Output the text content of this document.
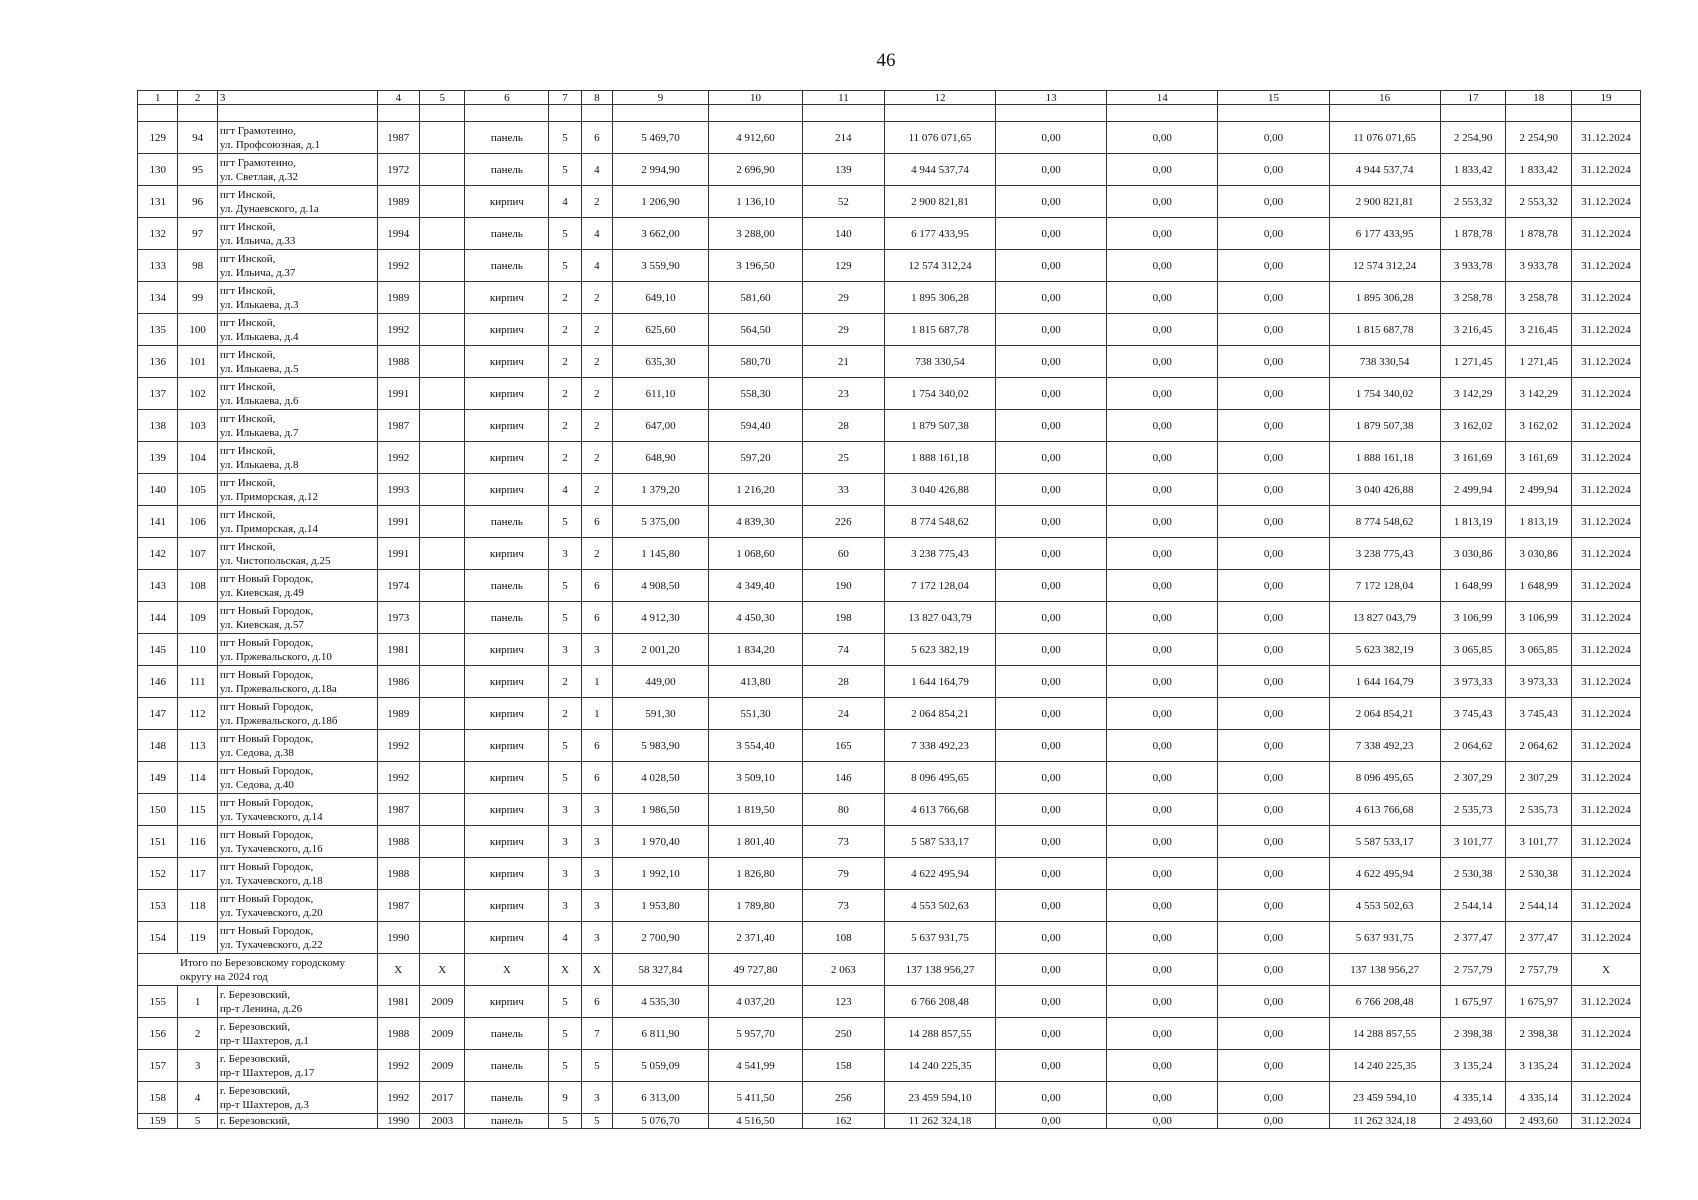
46
1	2	3	4	5	6	7	8	9	10	11	12	13	14	15	16	17	18	19

129	94	пгт Грамотеино,
ул. Профсоюзная, д.1	1987		панель	5	6	5 469,70	4 912,60	214	11 076 071,65	0,00	0,00	0,00	11 076 071,65	2 254,90	2 254,90	31.12.2024
130	95	пгт Грамотеино,
ул. Светлая, д.32	1972		панель	5	4	2 994,90	2 696,90	139	4 944 537,74	0,00	0,00	0,00	4 944 537,74	1 833,42	1 833,42	31.12.2024
131	96	пгт Инской,
ул. Дунаевского, д.1а	1989		кирпич	4	2	1 206,90	1 136,10	52	2 900 821,81	0,00	0,00	0,00	2 900 821,81	2 553,32	2 553,32	31.12.2024
132	97	пгт Инской,
ул. Ильича, д.33	1994		панель	5	4	3 662,00	3 288,00	140	6 177 433,95	0,00	0,00	0,00	6 177 433,95	1 878,78	1 878,78	31.12.2024
133	98	пгт Инской,
ул. Ильича, д.37	1992		панель	5	4	3 559,90	3 196,50	129	12 574 312,24	0,00	0,00	0,00	12 574 312,24	3 933,78	3 933,78	31.12.2024
134	99	пгт Инской,
ул. Илькаева, д.3	1989		кирпич	2	2	649,10	581,60	29	1 895 306,28	0,00	0,00	0,00	1 895 306,28	3 258,78	3 258,78	31.12.2024
135	100	пгт Инской,
ул. Илькаева, д.4	1992		кирпич	2	2	625,60	564,50	29	1 815 687,78	0,00	0,00	0,00	1 815 687,78	3 216,45	3 216,45	31.12.2024
136	101	пгт Инской,
ул. Илькаева, д.5	1988		кирпич	2	2	635,30	580,70	21	738 330,54	0,00	0,00	0,00	738 330,54	1 271,45	1 271,45	31.12.2024
137	102	пгт Инской,
ул. Илькаева, д.6	1991		кирпич	2	2	611,10	558,30	23	1 754 340,02	0,00	0,00	0,00	1 754 340,02	3 142,29	3 142,29	31.12.2024
138	103	пгт Инской,
ул. Илькаева, д.7	1987		кирпич	2	2	647,00	594,40	28	1 879 507,38	0,00	0,00	0,00	1 879 507,38	3 162,02	3 162,02	31.12.2024
139	104	пгт Инской,
ул. Илькаева, д.8	1992		кирпич	2	2	648,90	597,20	25	1 888 161,18	0,00	0,00	0,00	1 888 161,18	3 161,69	3 161,69	31.12.2024
140	105	пгт Инской,
ул. Приморская, д.12	1993		кирпич	4	2	1 379,20	1 216,20	33	3 040 426,88	0,00	0,00	0,00	3 040 426,88	2 499,94	2 499,94	31.12.2024
141	106	пгт Инской,
ул. Приморская, д.14	1991		панель	5	6	5 375,00	4 839,30	226	8 774 548,62	0,00	0,00	0,00	8 774 548,62	1 813,19	1 813,19	31.12.2024
142	107	пгт Инской,
ул. Чистопольская, д.25	1991		кирпич	3	2	1 145,80	1 068,60	60	3 238 775,43	0,00	0,00	0,00	3 238 775,43	3 030,86	3 030,86	31.12.2024
143	108	пгт Новый Городок,
ул. Киевская, д.49	1974		панель	5	6	4 908,50	4 349,40	190	7 172 128,04	0,00	0,00	0,00	7 172 128,04	1 648,99	1 648,99	31.12.2024
144	109	пгт Новый Городок,
ул. Киевская, д.57	1973		панель	5	6	4 912,30	4 450,30	198	13 827 043,79	0,00	0,00	0,00	13 827 043,79	3 106,99	3 106,99	31.12.2024
145	110	пгт Новый Городок,
ул. Пржевальского, д.10	1981		кирпич	3	3	2 001,20	1 834,20	74	5 623 382,19	0,00	0,00	0,00	5 623 382,19	3 065,85	3 065,85	31.12.2024
146	111	пгт Новый Городок,
ул. Пржевальского, д.18а	1986		кирпич	2	1	449,00	413,80	28	1 644 164,79	0,00	0,00	0,00	1 644 164,79	3 973,33	3 973,33	31.12.2024
147	112	пгт Новый Городок,
ул. Пржевальского, д.18б	1989		кирпич	2	1	591,30	551,30	24	2 064 854,21	0,00	0,00	0,00	2 064 854,21	3 745,43	3 745,43	31.12.2024
148	113	пгт Новый Городок,
ул. Седова, д.38	1992		кирпич	5	6	5 983,90	3 554,40	165	7 338 492,23	0,00	0,00	0,00	7 338 492,23	2 064,62	2 064,62	31.12.2024
149	114	пгт Новый Городок,
ул. Седова, д.40	1992		кирпич	5	6	4 028,50	3 509,10	146	8 096 495,65	0,00	0,00	0,00	8 096 495,65	2 307,29	2 307,29	31.12.2024
150	115	пгт Новый Городок,
ул. Тухачевского, д.14	1987		кирпич	3	3	1 986,50	1 819,50	80	4 613 766,68	0,00	0,00	0,00	4 613 766,68	2 535,73	2 535,73	31.12.2024
151	116	пгт Новый Городок,
ул. Тухачевского, д.16	1988		кирпич	3	3	1 970,40	1 801,40	73	5 587 533,17	0,00	0,00	0,00	5 587 533,17	3 101,77	3 101,77	31.12.2024
152	117	пгт Новый Городок,
ул. Тухачевского, д.18	1988		кирпич	3	3	1 992,10	1 826,80	79	4 622 495,94	0,00	0,00	0,00	4 622 495,94	2 530,38	2 530,38	31.12.2024
153	118	пгт Новый Городок,
ул. Тухачевского, д.20	1987		кирпич	3	3	1 953,80	1 789,80	73	4 553 502,63	0,00	0,00	0,00	4 553 502,63	2 544,14	2 544,14	31.12.2024
154	119	пгт Новый Городок,
ул. Тухачевского, д.22	1990		кирпич	4	3	2 700,90	2 371,40	108	5 637 931,75	0,00	0,00	0,00	5 637 931,75	2 377,47	2 377,47	31.12.2024
Итого по Березовскому городскому округу на 2024 год			X	X	X	X	X	58 327,84	49 727,80	2 063	137 138 956,27	0,00	0,00	0,00	137 138 956,27	2 757,79	2 757,79	X
155	1	г. Березовский,
пр-т Ленина, д.26	1981	2009	кирпич	5	6	4 535,30	4 037,20	123	6 766 208,48	0,00	0,00	0,00	6 766 208,48	1 675,97	1 675,97	31.12.2024
156	2	г. Березовский,
пр-т Шахтеров, д.1	1988	2009	панель	5	7	6 811,90	5 957,70	250	14 288 857,55	0,00	0,00	0,00	14 288 857,55	2 398,38	2 398,38	31.12.2024
157	3	г. Березовский,
пр-т Шахтеров, д.17	1992	2009	панель	5	5	5 059,09	4 541,99	158	14 240 225,35	0,00	0,00	0,00	14 240 225,35	3 135,24	3 135,24	31.12.2024
158	4	г. Березовский,
пр-т Шахтеров, д.3	1992	2017	панель	9	3	6 313,00	5 411,50	256	23 459 594,10	0,00	0,00	0,00	23 459 594,10	4 335,14	4 335,14	31.12.2024
159	5	г. Березовский,	1990	2003	панель	5	5	5 076,70	4 516,50	162	11 262 324,18	0,00	0,00	0,00	11 262 324,18	2 493,60	2 493,60	31.12.2024
